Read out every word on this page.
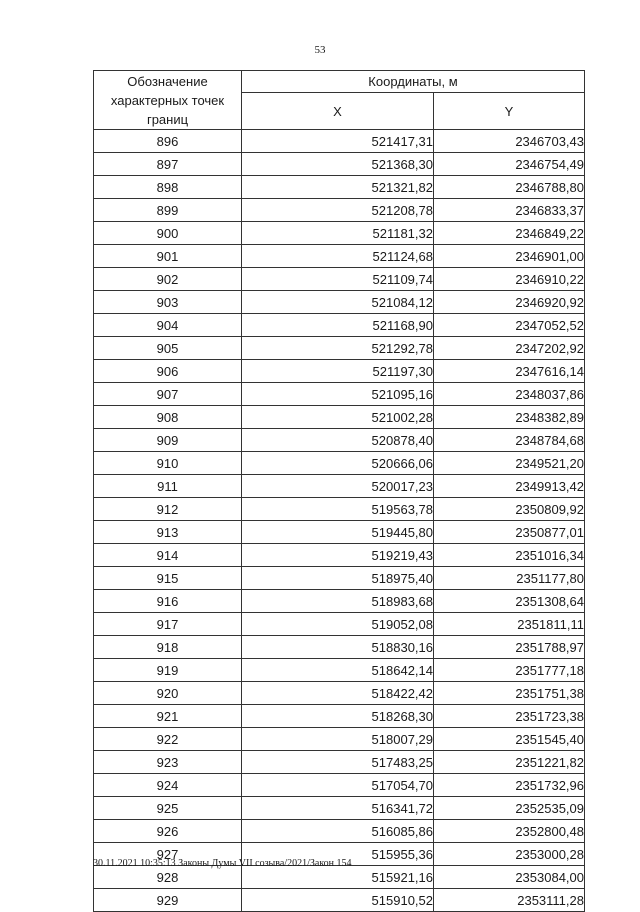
53
Обозначение характерных точек границ	Координаты, м	
	X	Y
896	521417,31	2346703,43
897	521368,30	2346754,49
898	521321,82	2346788,80
899	521208,78	2346833,37
900	521181,32	2346849,22
901	521124,68	2346901,00
902	521109,74	2346910,22
903	521084,12	2346920,92
904	521168,90	2347052,52
905	521292,78	2347202,92
906	521197,30	2347616,14
907	521095,16	2348037,86
908	521002,28	2348382,89
909	520878,40	2348784,68
910	520666,06	2349521,20
911	520017,23	2349913,42
912	519563,78	2350809,92
913	519445,80	2350877,01
914	519219,43	2351016,34
915	518975,40	2351177,80
916	518983,68	2351308,64
917	519052,08	2351811,11
918	518830,16	2351788,97
919	518642,14	2351777,18
920	518422,42	2351751,38
921	518268,30	2351723,38
922	518007,29	2351545,40
923	517483,25	2351221,82
924	517054,70	2351732,96
925	516341,72	2352535,09
926	516085,86	2352800,48
927	515955,36	2353000,28
928	515921,16	2353084,00
929	515910,52	2353111,28
30.11.2021 10:35:13 Законы Думы VII созыва/2021/Закон 154
